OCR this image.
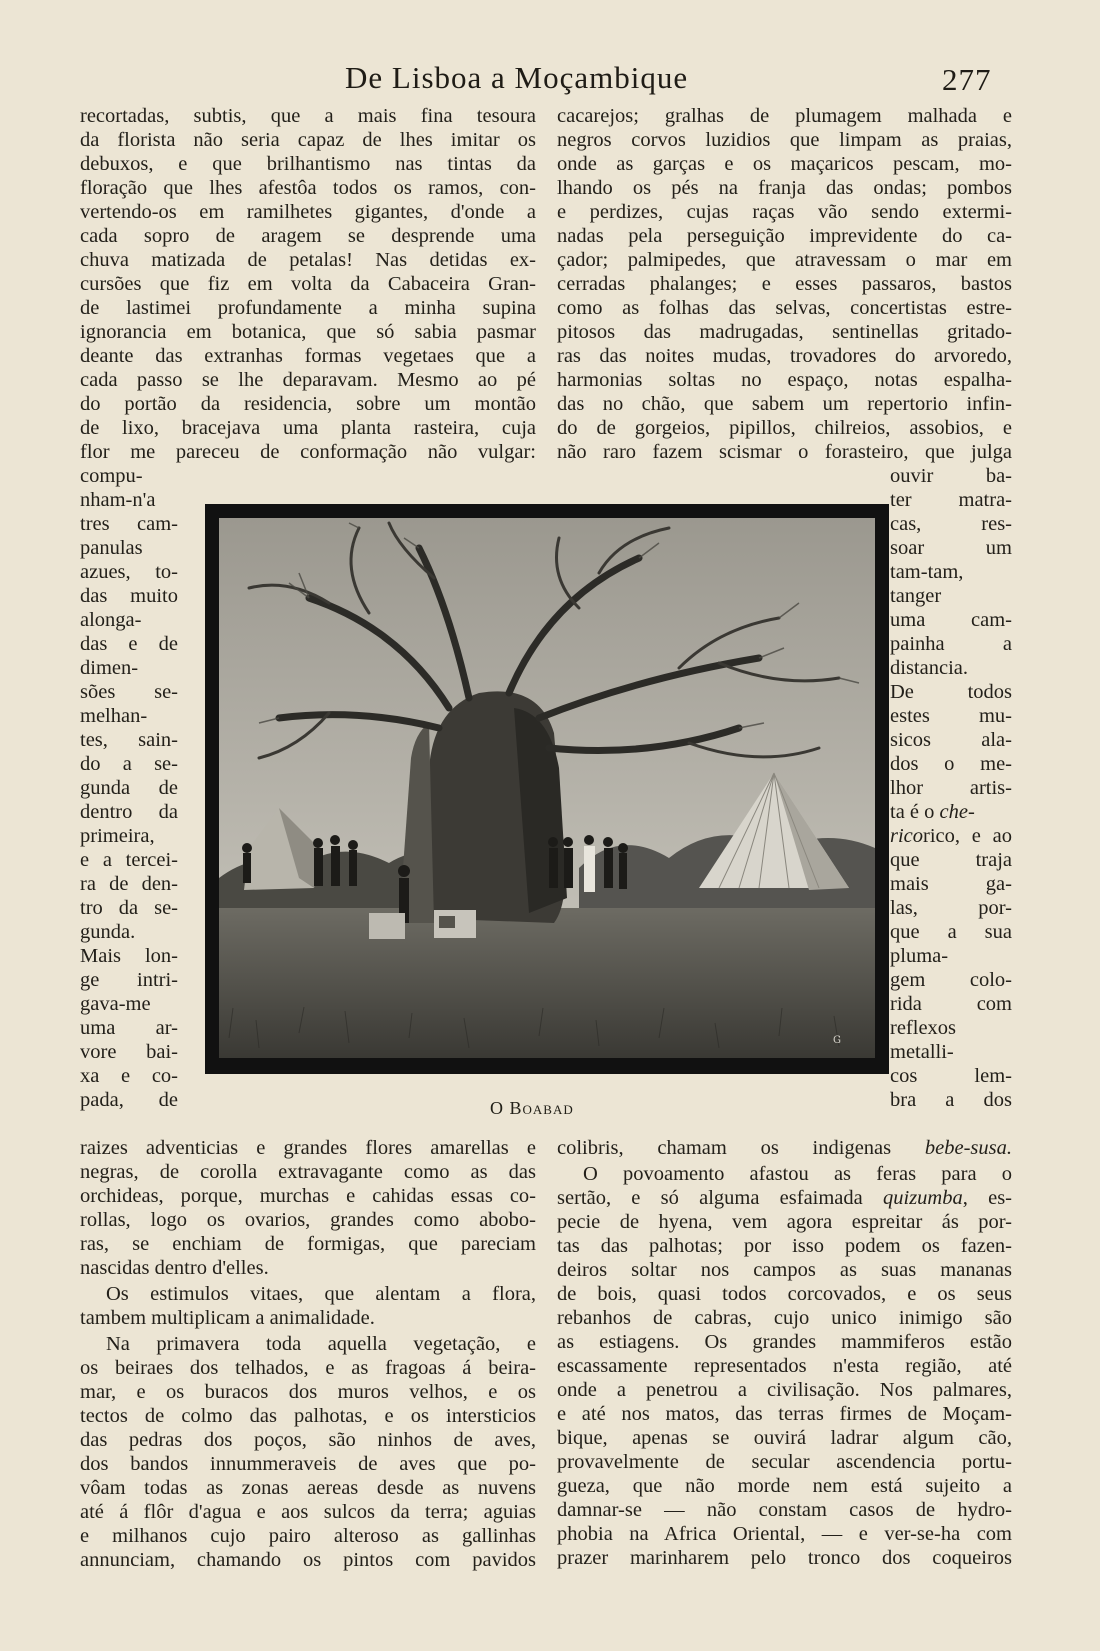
De Lisboa a Moçambique	277
recortadas, subtis, que a mais fina tesoura
da florista não seria capaz de lhes imitar os
debuxos, e que brilhantismo nas tintas da
floração que lhes afestôa todos os ramos, con-
vertendo-os em ramilhetes gigantes, d'onde a
cada sopro de aragem se desprende uma
chuva matizada de petalas! Nas detidas ex-
cursões que fiz em volta da Cabaceira Gran-
de lastimei profundamente a minha supina
ignorancia em botanica, que só sabia pasmar
deante das extranhas formas vegetaes que a
cada passo se lhe deparavam. Mesmo ao pé
do portão da residencia, sobre um montão
de lixo, bracejava uma planta rasteira, cuja
flor me pareceu de conformação não vulgar:
compu-
nham-n'a
tres cam-
panulas
azues, to-
das muito
alonga-
das e de
dimen-
sões se-
melhan-
tes, sain-
do a se-
gunda de
dentro da
primeira,
e a tercei-
ra de den-
tro da se-
gunda.
Mais lon-
ge intri-
gava-me
uma ar-
vore bai-
xa e co-
pada, de
raizes adventicias e grandes flores amarellas e
negras, de corolla extravagante como as das
orchideas, porque, murchas e cahidas essas co-
rollas, logo os ovarios, grandes como abobo-
ras, se enchiam de formigas, que pareciam
nascidas dentro d'elles.
Os estimulos vitaes, que alentam a flora,
tambem multiplicam a animalidade.
Na primavera toda aquella vegetação, e
os beiraes dos telhados, e as fragoas á beira-
mar, e os buracos dos muros velhos, e os
tectos de colmo das palhotas, e os intersticios
das pedras dos poços, são ninhos de aves,
dos bandos innummeraveis de aves que po-
vôam todas as zonas aereas desde as nuvens
até á flôr d'agua e aos sulcos da terra; aguias
e milhanos cujo pairo alteroso as gallinhas
annunciam, chamando os pintos com pavidos
cacarejos; gralhas de plumagem malhada e
negros corvos luzidios que limpam as praias,
onde as garças e os maçaricos pescam, mo-
lhando os pés na franja das ondas; pombos
e perdizes, cujas raças vão sendo extermi-
nadas pela perseguição imprevidente do ca-
çador; palmipedes, que atravessam o mar em
cerradas phalanges; e esses passaros, bastos
como as folhas das selvas, concertistas estre-
pitosos das madrugadas, sentinellas gritado-
ras das noites mudas, trovadores do arvoredo,
harmonias soltas no espaço, notas espalha-
das no chão, que sabem um repertorio infin-
do de gorgeios, pipillos, chilreios, assobios, e
não raro fazem scismar o forasteiro, que julga
ouvir ba-
ter matra-
cas, res-
soar um
tam-tam,
tanger
uma cam-
painha a
distancia.
De todos
estes mu-
sicos ala-
dos o me-
lhor artis-
ta é o che-
ricorico, e ao
que traja
mais ga-
las, por-
que a sua
pluma-
gem colo-
rida com
reflexos
metalli-
cos lem-
bra a dos
colibris, chamam os indigenas bebe-susa.
O povoamento afastou as feras para o
sertão, e só alguma esfaimada quizumba, es-
pecie de hyena, vem agora espreitar ás por-
tas das palhotas; por isso podem os fazen-
deiros soltar nos campos as suas mananas
de bois, quasi todos corcovados, e os seus
rebanhos de cabras, cujo unico inimigo são
as estiagens. Os grandes mammiferos estão
escassamente representados n'esta região, até
onde a penetrou a civilisação. Nos palmares,
e até nos matos, das terras firmes de Moçam-
bique, apenas se ouvirá ladrar algum cão,
provavelmente de secular ascendencia portu-
gueza, que não morde nem está sujeito a
damnar-se — não constam casos de hydro-
phobia na Africa Oriental, — e ver-se-ha com
prazer marinharem pelo tronco dos coqueiros
G
O Boabad
